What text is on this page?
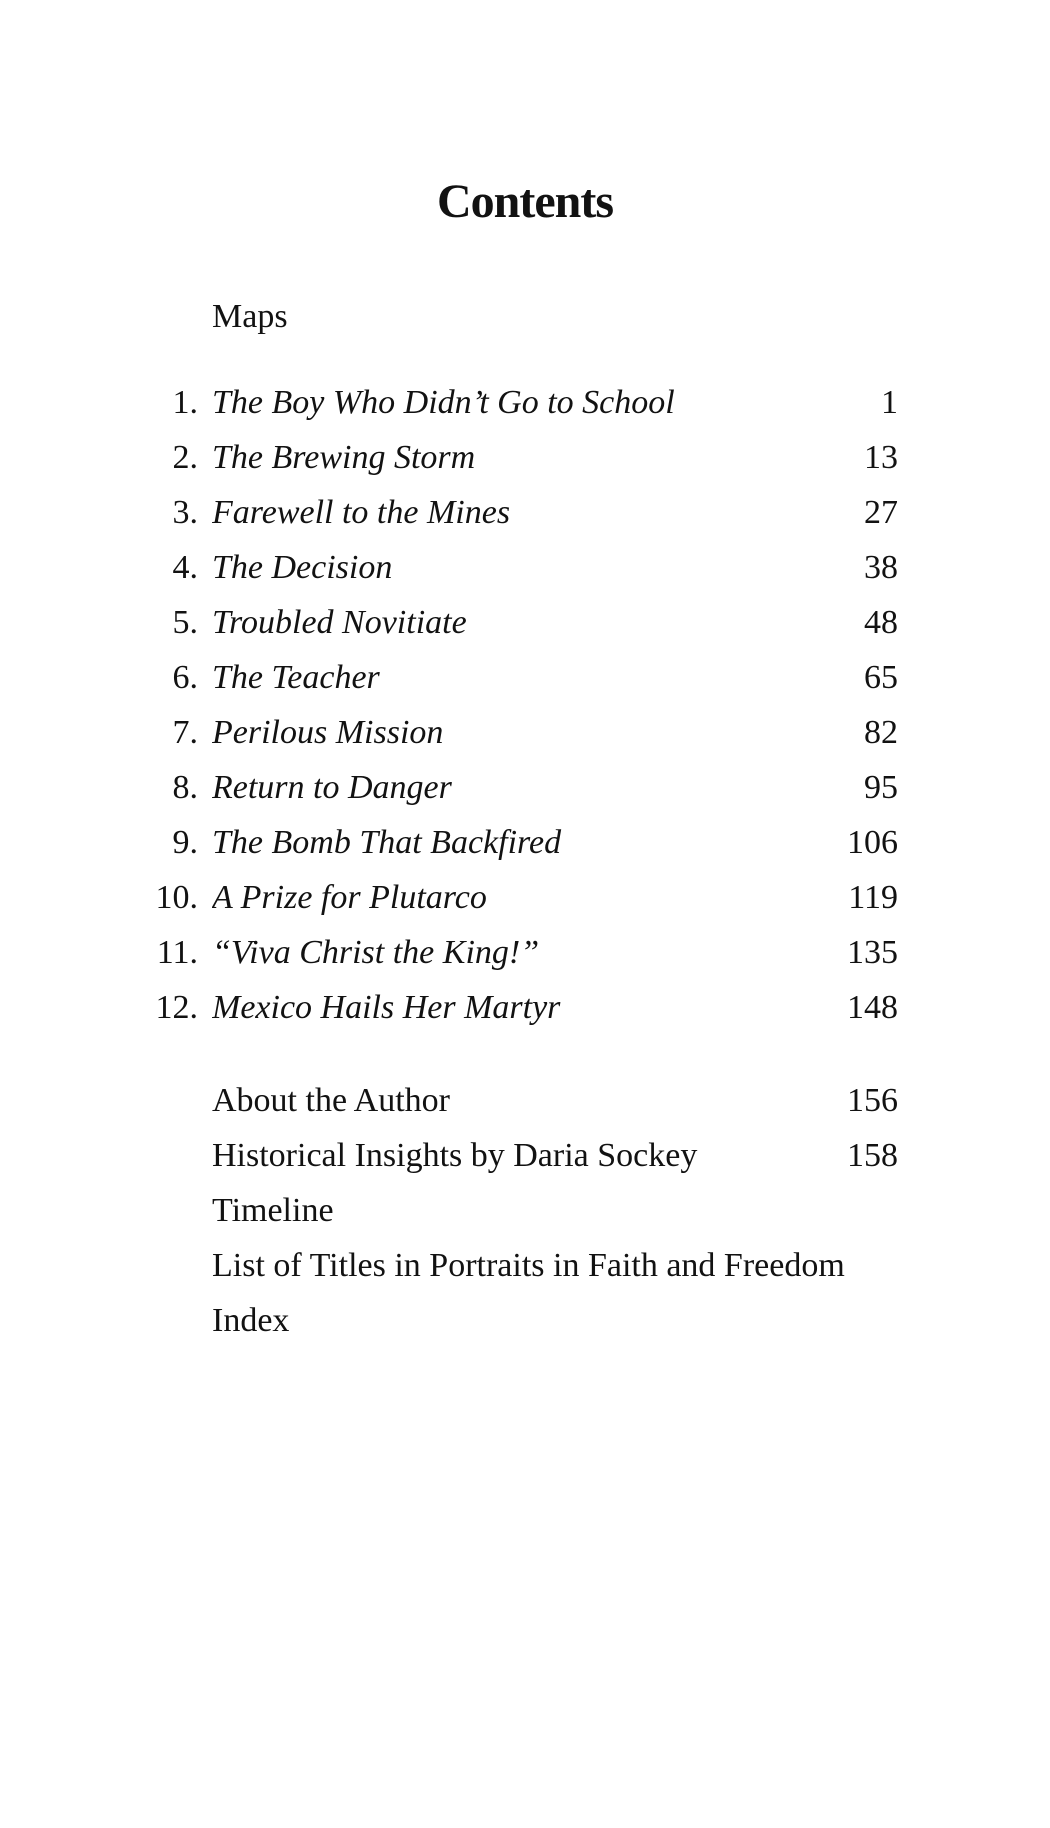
Contents
Maps
1. The Boy Who Didn’t Go to School	1
2. The Brewing Storm	13
3. Farewell to the Mines	27
4. The Decision	38
5. Troubled Novitiate	48
6. The Teacher	65
7. Perilous Mission	82
8. Return to Danger	95
9. The Bomb That Backfired	106
10. A Prize for Plutarco	119
11. “Viva Christ the King!”	135
12. Mexico Hails Her Martyr	148
About the Author	156
Historical Insights by Daria Sockey	158
Timeline
List of Titles in Portraits in Faith and Freedom
Index
